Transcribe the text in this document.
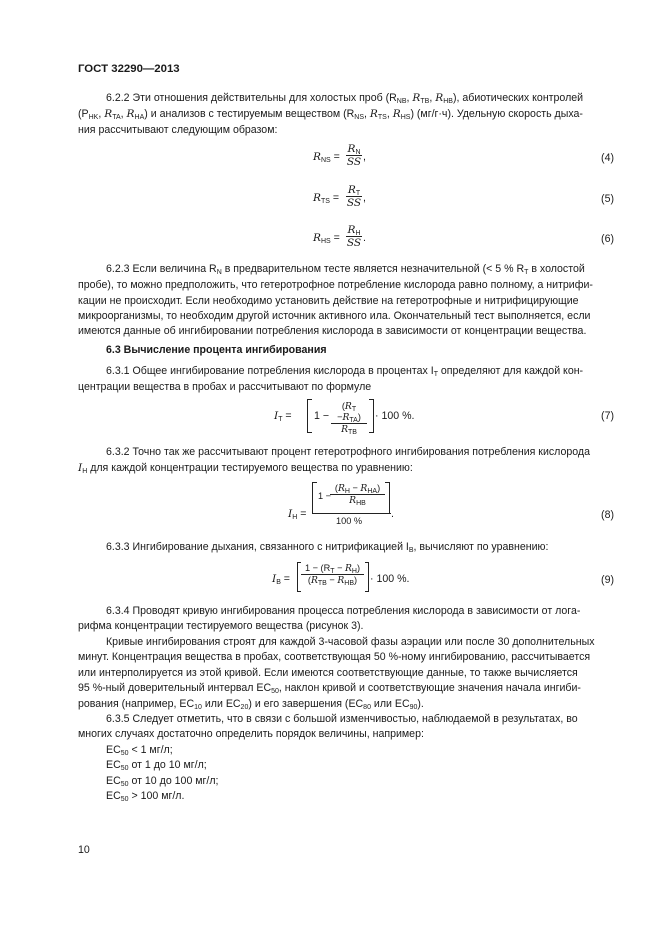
ГОСТ 32290—2013
6.2.2 Эти отношения действительны для холостых проб ($R_{NB}$, $R_{TB}$, $R_{HB}$), абиотических контролей
($P_{HK}$, $R_{TA}$, $R_{HA}$) и анализов с тестируемым веществом ($R_{NS}$, $R_{TS}$, $R_{HS}$) (мг/г·ч). Удельную скорость дыха-
ния рассчитывают следующим образом:
$R_{NS} = \frac{R_N}{SS}$ ,	(4)
$R_{TS} = \frac{R_T}{SS}$ ,	(5)
$R_{HS} = \frac{R_H}{SS}$ .	(6)
6.2.3 Если величина $R_N$ в предварительном тесте является незначительной (< 5 % $R_T$ в холостой
пробе), то можно предположить, что гетеротрофное потребление кислорода равно полному, а нитрифи-
кации не происходит. Если необходимо установить действие на гетеротрофные и нитрифицирующие
микроорганизмы, то необходим другой источник активного ила. Окончательный тест выполняется, если
имеются данные об ингибировании потребления кислорода в зависимости от концентрации вещества.
6.3 Вычисление процента ингибирования
6.3.1 Общее ингибирование потребления кислорода в процентах $I_T$ определяют для каждой кон-
центрации вещества в пробах и рассчитывают по формуле
$I_T = 1$ −
$(R_T -R_{TA})$
$R_{TB}$
· 100 %.	(7)
6.3.2 Точно так же рассчитывают процент гетеротрофного ингибирования потребления кислорода
$I_H$ для каждой концентрации тестируемого вещества по уравнению:
$I_H$ =
1 −
$(R_H - R_{HA})$
$R_{HB}$
100 %
.	(8)
6.3.3 Ингибирование дыхания, связанного с нитрификацией $I_B$, вычисляют по уравнению:
$I_B$ =
$1 - (R_T - R_H)$
$(R_{TB} - R_{HB})$	· 100 %.	(9)
6.3.4 Проводят кривую ингибирования процесса потребления кислорода в зависимости от лога-
рифма концентрации тестируемого вещества (рисунок 3).
Кривые ингибирования строят для каждой 3-часовой фазы аэрации или после 30 дополнительных
минут. Концентрация вещества в пробах, соответствующая 50 %-ному ингибированию, рассчитывается
или интерполируется из этой кривой. Если имеются соответствующие данные, то также вычисляется
95 %-ный доверительный интервал $ЕС_{50}$, наклон кривой и соответствующие значения начала ингиби-
рования (например, $ЕС_{10}$ или $ЕС_{20}$) и его завершения ($ЕС_{80}$ или $ЕС_{90}$).
6.3.5 Следует отметить, что в связи с большой изменчивостью, наблюдаемой в результатах, во
многих случаях достаточно определить порядок величины, например:
$ЕС_{50} < 1$ мг/л;
$ЕС_{50}$ от 1 до 10 мг/л;
$ЕС_{50}$ от 10 до 100 мг/л;
$ЕС_{50} > 100$ мг/л.
10
